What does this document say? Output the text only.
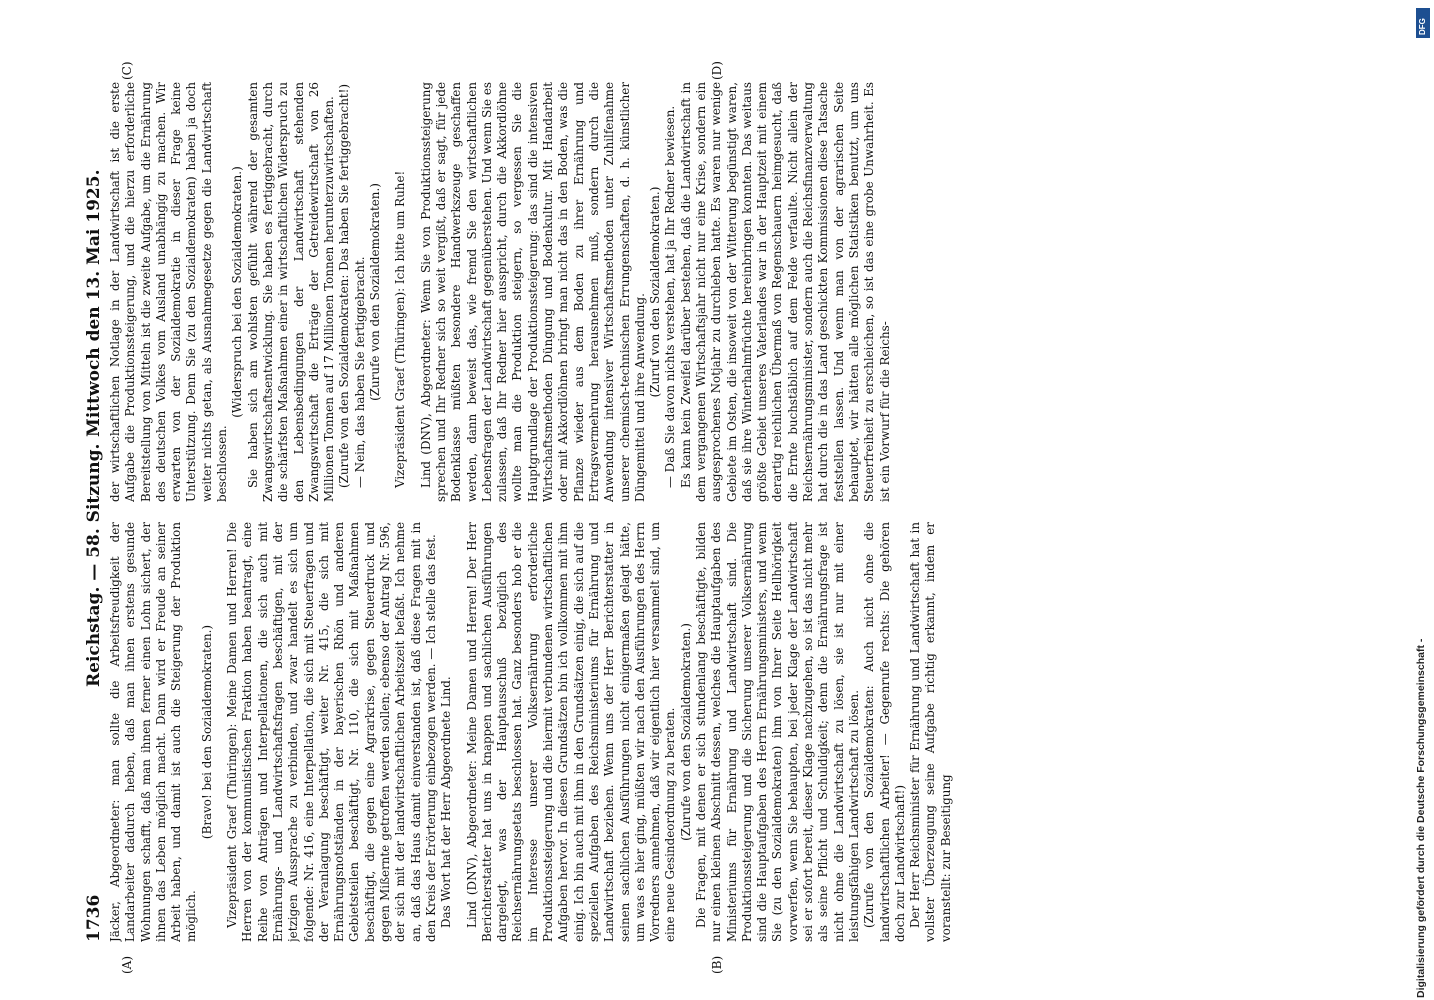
1736
Reichstag. — 58. Sitzung.
Mittwoch den 13. Mai 1925.

Jäcker, Abgeordneter: man sollte die Arbeitsfreudigkeit der Landarbeiter dadurch heben, daß man ihnen erstens gesunde Wohnungen schafft, daß man ihnen ferner einen Lohn sichert, der ihnen das Leben möglich macht. Dann wird er Freude an seiner Arbeit haben, und damit ist auch die Steigerung der Produktion möglich.

(Bravo! bei den Sozialdemokraten.) Vizepräsident Graef (Thüringen): Meine Damen und Herren! Die Herren von der kommunistischen Fraktion haben beantragt, eine Reihe von Anträgen und Interpellationen, die sich auch mit Ernährungs- und Landwirtschaftsfragen beschäftigen, mit der jetzigen Aussprache zu verbinden, und zwar handelt es sich um folgende: Nr. 416, eine Interpellation, die sich mit Steuerfragen und der Veranlagung beschäftigt, weiter Nr. 415, die sich mit Ernährungsnotständen in der bayerischen Rhön und anderen Gebietsteilen beschäftigt, Nr. 110, die sich mit Maßnahmen beschäftigt, die gegen eine Agrarkrise, gegen Steuerdruck und gegen Mißernte getroffen werden sollen; ebenso der Antrag Nr. 596, der sich mit der landwirtschaftlichen Arbeitszeit befaßt. Ich nehme an, daß das Haus damit einverstanden ist, daß diese Fragen mit in den Kreis der Erörterung einbezogen werden. — Ich stelle das fest. Das Wort hat der Herr Abgeordnete Lind. Lind (DNV), Abgeordneter: Meine Damen und Herren! Der Herr Berichterstatter hat uns in knappen und sachlichen Ausführungen dargelegt, was der Hauptausschuß bezüglich des Reichsernährungsetats beschlossen hat. Ganz besonders hob er die im Interesse unserer Volksernährung erforderliche Produktionssteigerung und die hiermit verbundenen wirtschaftlichen Aufgaben hervor. In diesen Grundsätzen bin ich vollkommen mit ihm einig. Ich bin auch mit ihm in den Grundsätzen einig, die sich auf die speziellen Aufgaben des Reichsministeriums für Ernährung und Landwirtschaft beziehen. Wenn uns der Herr Berichterstatter in seinen sachlichen Ausführungen nicht einigermaßen gelagt hätte, um was es hier ging, müßten wir nach den Ausführungen des Herrn Vorredners annehmen, daß wir eigentlich hier versammelt sind, um eine neue Gesindeordnung zu beraten. (Zurufe von den Sozialdemokraten.) Die Fragen, mit denen er sich stundenlang beschäftigte, bilden nur einen kleinen Abschnitt dessen, welches die Hauptaufgaben des Ministeriums für Ernährung und Landwirtschaft sind. Die Produktionssteigerung und die Sicherung unserer Volksernährung sind die Hauptaufgaben des Herrn Ernährungsministers, und wenn Sie (zu den Sozialdemokraten) ihm von Ihrer Seite Hellhörigkeit vorwerfen, wenn Sie behaupten, bei jeder Klage der Landwirtschaft sei er sofort bereit, dieser Klage nachzugehen, so ist das nicht mehr als seine Pflicht und Schuldigkeit; denn die Ernährungsfrage ist nicht ohne die Landwirtschaft zu lösen, sie ist nur mit einer leistungsfähigen Landwirtschaft zu lösen. (Zurufe von den Sozialdemokraten: Auch nicht ohne die landwirtschaftlichen Arbeiter! — Gegenrufe rechts: Die gehören doch zur Landwirtschaft!) Der Herr Reichsminister für Ernährung und Landwirtschaft hat in vollster Überzeugung seine Aufgabe richtig erkannt, indem er voranstellt: zur Beseitigung

der wirtschaftlichen Notlage in der Landwirtschaft ist die erste Aufgabe die Produktionssteigerung, und die hierzu erforderliche Bereitstellung von Mitteln ist die zweite Aufgabe, um die Ernährung des deutschen Volkes vom Ausland unabhängig zu machen. Wir erwarten von der Sozialdemokratie in dieser Frage keine Unterstützung. Denn Sie (zu den Sozialdemokraten) haben ja doch weiter nichts getan, als Ausnahmegesetze gegen die Landwirtschaft beschlossen.

(Widerspruch bei den Sozialdemokraten.) Sie haben sich am wohlsten gefühlt während der gesamten Zwangswirtschaftsentwicklung. Sie haben es fertiggebracht, durch die schärfsten Maßnahmen einer in wirtschaftlichen Widerspruch zu den Lebensbedingungen der Landwirtschaft stehenden Zwangswirtschaft die Erträge der Getreidewirtschaft von 26 Millionen Tonnen auf 17 Millionen Tonnen herunterzuwirtschaften. (Zurufe von den Sozialdemokraten: Das haben Sie fertiggebracht!) — Nein, das haben Sie fertiggebracht. (Zurufe von den Sozialdemokraten.) Vizepräsident Graef (Thüringen): Ich bitte um Ruhe! Lind (DNV), Abgeordneter: Wenn Sie von Produktionssteigerung sprechen und Ihr Redner sich so weit vergißt, daß er sagt, für jede Bodenklasse müßten besondere Handwerkszeuge geschaffen werden, dann beweist das, wie fremd Sie den wirtschaftlichen Lebensfragen der Landwirtschaft gegenüberstehen. Und wenn Sie es zulassen, daß Ihr Redner hier ausspricht, durch die Akkordlöhne wollte man die Produktion steigern, so vergessen Sie die Hauptgrundlage der Produktionssteigerung: das sind die intensiven Wirtschaftsmethoden Düngung und Bodenkultur. Mit Handarbeit oder mit Akkordlöhnen bringt man nicht das in den Boden, was die Pflanze wieder aus dem Boden zu ihrer Ernährung und Ertragsvermehrung herausnehmen muß, sondern durch die Anwendung intensiver Wirtschaftsmethoden unter Zuhilfenahme unserer chemisch-technischen Errungenschaften, d. h. künstlicher Düngemittel und ihre Anwendung.

(Zuruf von den Sozialdemokraten.) — Daß Sie davon nichts verstehen, hat ja Ihr Redner bewiesen. Es kann kein Zweifel darüber bestehen, daß die Landwirtschaft in dem vergangenen Wirtschaftsjahr nicht nur eine Krise, sondern ein ausgesprochenes Notjahr zu durchleben hatte. Es waren nur wenige Gebiete im Osten, die insoweit von der Witterung begünstigt waren, daß sie ihre Winterhalmfrüchte hereinbringen konnten. Das weitaus größte Gebiet unseres Vaterlandes war in der Hauptzeit mit einem derartig reichlichen Übermaß von Regenschauern heimgesucht, daß die Ernte buchstäblich auf dem Felde verfaulte. Nicht allein der Reichsernährungsminister, sondern auch die Reichsfinanzverwaltung hat durch die in das Land geschickten Kommissionen diese Tatsache feststellen lassen. Und wenn man von der agrarischen Seite behauptet, wir hätten alle möglichen Statistiken benutzt, um uns Steuerfreiheit zu erschleichen, so ist das eine grobe Unwahrheit. Es ist ein Vorwurf für die Reichs-

(A)	(B)
(C)	(D)
Digitalisierung gefördert durch die Deutsche Forschungsgemeinschaft -
DFG
